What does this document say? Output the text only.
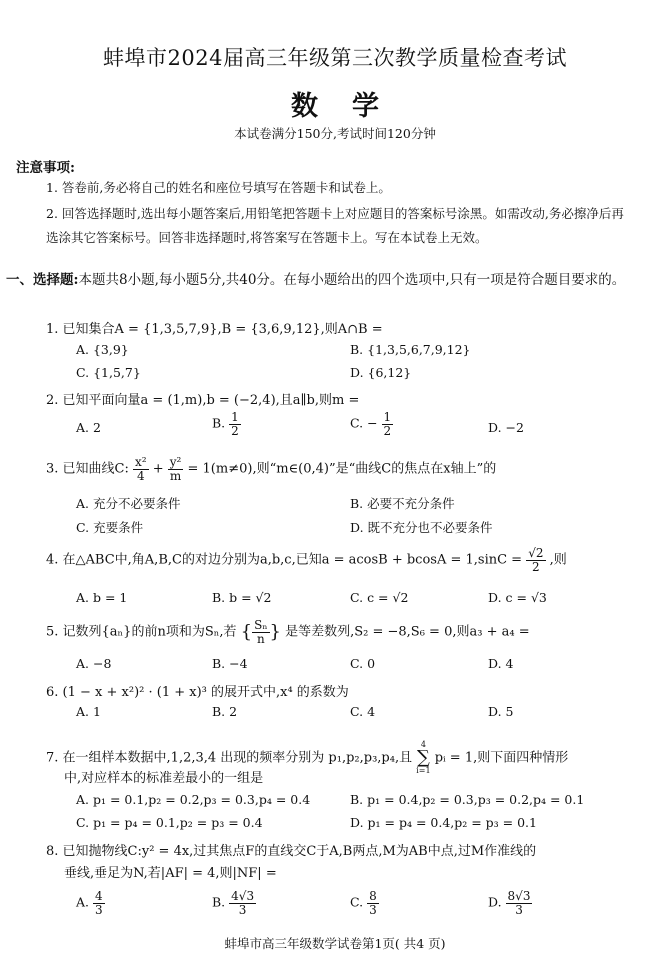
蚌埠市2024届高三年级第三次教学质量检查考试
数学
本试卷满分150分,考试时间120分钟
注意事项:
1. 答卷前,务必将自己的姓名和座位号填写在答题卡和试卷上。
2. 回答选择题时,选出每小题答案后,用铅笔把答题卡上对应题目的答案标号涂黑。如需改动,务必擦净后再选涂其它答案标号。回答非选择题时,将答案写在答题卡上。写在本试卷上无效。
一、选择题:本题共8小题,每小题5分,共40分。在每小题给出的四个选项中,只有一项是符合题目要求的。
1. 已知集合A = {1,3,5,7,9},B = {3,6,9,12},则A∩B =
A. {3,9}	B. {1,3,5,6,7,9,12}
C. {1,5,7}	D. {6,12}
2. 已知平面向量a = (1,m),b = (−2,4),且a∥b,则m =
A. 2	B. $\frac{1}{2}$	C. − $\frac{1}{2}$	D. −2
3. 已知曲线C: $\frac{\text{x²}}{4} + \frac{\text{y²}}{m} = 1(m\ne 0)$,则“m∈(0,4)”是“曲线C的焦点在x轴上”的
A. 充分不必要条件	B. 必要不充分条件
C. 充要条件	D. 既不充分也不必要条件
4. 在△ABC中,角A,B,C的对边分别为a,b,c,已知$a = acosB + bcosA = 1,\sin C = \frac{√2}{2}$ ,则
A. b = 1	B. b = √2	C. c = √2	D. c = √3
5. 记数列{aₙ}的前n项和为Sₙ,若 { $\frac{\text{Sₙ}}{n}$ } 是等差数列,S₂ = −8,S₆ = 0,则a₃ + a₄ =
A. −8	B. −4	C. 0	D. 4
6. (1 − x + x²)² · (1 + x)³ 的展开式中,x⁴ 的系数为
A. 1	B. 2	C. 4	D. 5
7. 在一组样本数据中,1,2,3,4 出现的频率分别为 p₁,p₂,p₃,p₄,且
4
∑
i=1
pᵢ = 1,则下面四种情形
中,对应样本的标准差最小的一组是
A. p₁ = 0.1,p₂ = 0.2,p₃ = 0.3,p₄ = 0.4	B. p₁ = 0.4,p₂ = 0.3,p₃ = 0.2,p₄ = 0.1
C. p₁ = p₄ = 0.1,p₂ = p₃ = 0.4	D. p₁ = p₄ = 0.4,p₂ = p₃ = 0.1
8. 已知抛物线C:y² = 4x,过其焦点F的直线交C于A,B两点,M为AB中点,过M作准线的
垂线,垂足为N,若|AF| = 4,则|NF| =
A. $\frac{4}{3}$	B. $\frac{4√3}{3}$	C. $\frac{8}{3}$	D. $\frac{8√3}{3}$
蚌埠市高三年级数学试卷第1页( 共4 页)
